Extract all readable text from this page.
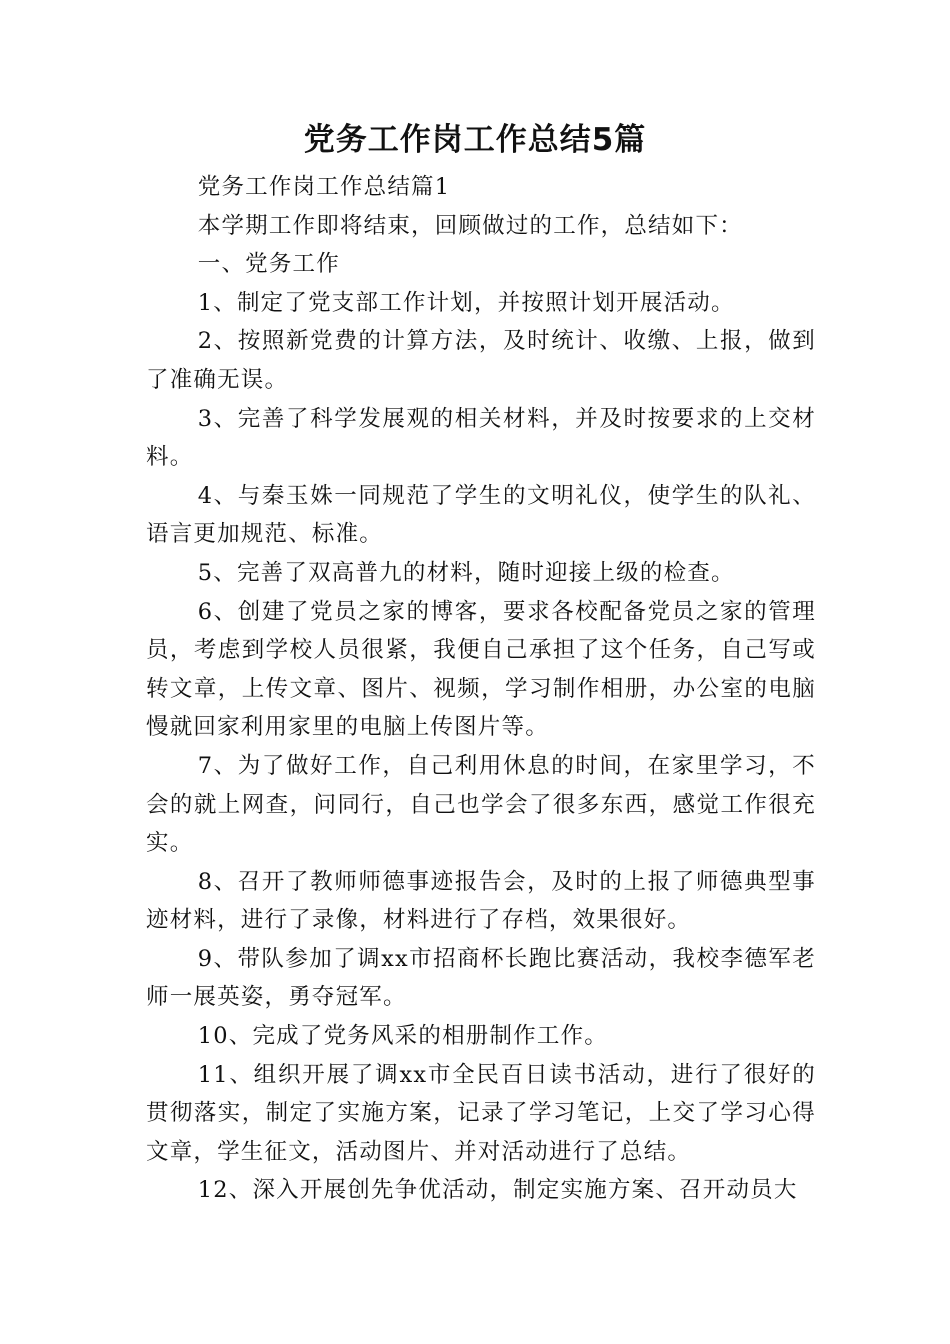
党务工作岗工作总结5篇

党务工作岗工作总结篇1

本学期工作即将结束，回顾做过的工作，总结如下：

一、党务工作

1、制定了党支部工作计划，并按照计划开展活动。

2、按照新党费的计算方法，及时统计、收缴、上报，做到了准确无误。

3、完善了科学发展观的相关材料，并及时按要求的上交材料。

4、与秦玉姝一同规范了学生的文明礼仪，使学生的队礼、语言更加规范、标准。

5、完善了双高普九的材料，随时迎接上级的检查。

6、创建了党员之家的博客，要求各校配备党员之家的管理员，考虑到学校人员很紧，我便自己承担了这个任务，自己写或转文章，上传文章、图片、视频，学习制作相册，办公室的电脑慢就回家利用家里的电脑上传图片等。

7、为了做好工作，自己利用休息的时间，在家里学习，不会的就上网查，问同行，自己也学会了很多东西，感觉工作很充实。

8、召开了教师师德事迹报告会，及时的上报了师德典型事迹材料，进行了录像，材料进行了存档，效果很好。

9、带队参加了调xx市招商杯长跑比赛活动，我校李德军老师一展英姿，勇夺冠军。

10、完成了党务风采的相册制作工作。

11、组织开展了调xx市全民百日读书活动，进行了很好的贯彻落实，制定了实施方案，记录了学习笔记，上交了学习心得文章，学生征文，活动图片、并对活动进行了总结。

12、深入开展创先争优活动，制定实施方案、召开动员大
